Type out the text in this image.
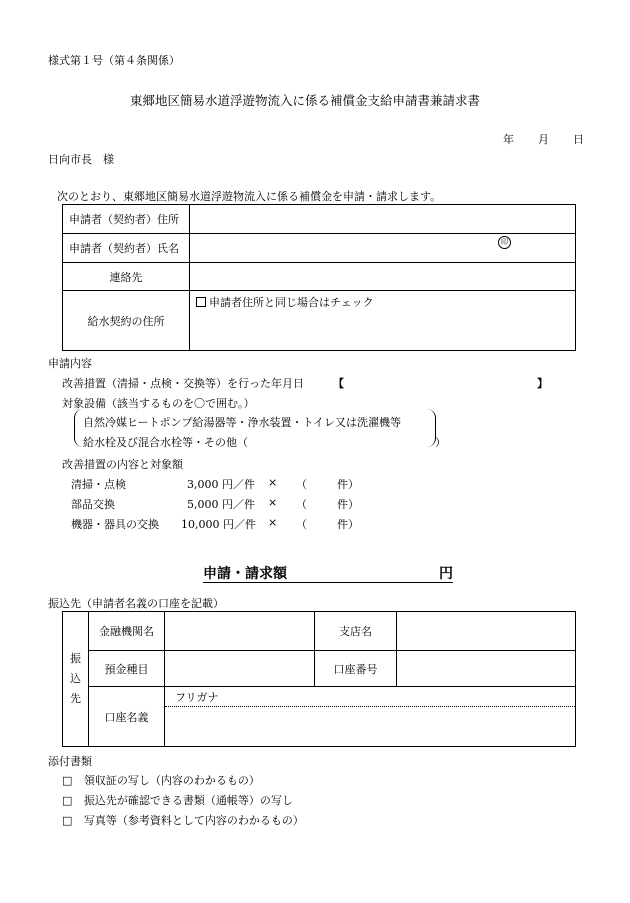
様式第１号（第４条関係）
東郷地区簡易水道浮遊物流入に係る補償金支給申請書兼請求書
年 月 日
日向市長　様
次のとおり、東郷地区簡易水道浮遊物流入に係る補償金を申請・請求します。
申請者（契約者）住所	
申請者（契約者）氏名	
連絡先	
給水契約の住所	申請者住所と同じ場合はチェック
印
申請内容
改善措置（清掃・点検・交換等）を行った年月日	【	】
対象設備（該当するものを〇で囲む。）
自然冷媒ヒートポンプ給湯器等・浄水装置・トイレ又は洗濯機等
給水栓及び混合水栓等・その他（　　　　　　　　　　　　　　　　　）
改善措置の内容と対象額
清掃・点検	3,000 円／件 × （	件）
部品交換	5,000 円／件 × （	件）
機器・器具の交換 10,000 円／件 × （	件）
申請・請求額	円
振込先（申請者名義の口座を記載）
振
込
先	金融機関名		支店名	
	預金種目		口座番号	
	口座名義	フリガナ		
添付書類
□ 領収証の写し（内容のわかるもの）
□ 振込先が確認できる書類（通帳等）の写し
□ 写真等（参考資料として内容のわかるもの）
